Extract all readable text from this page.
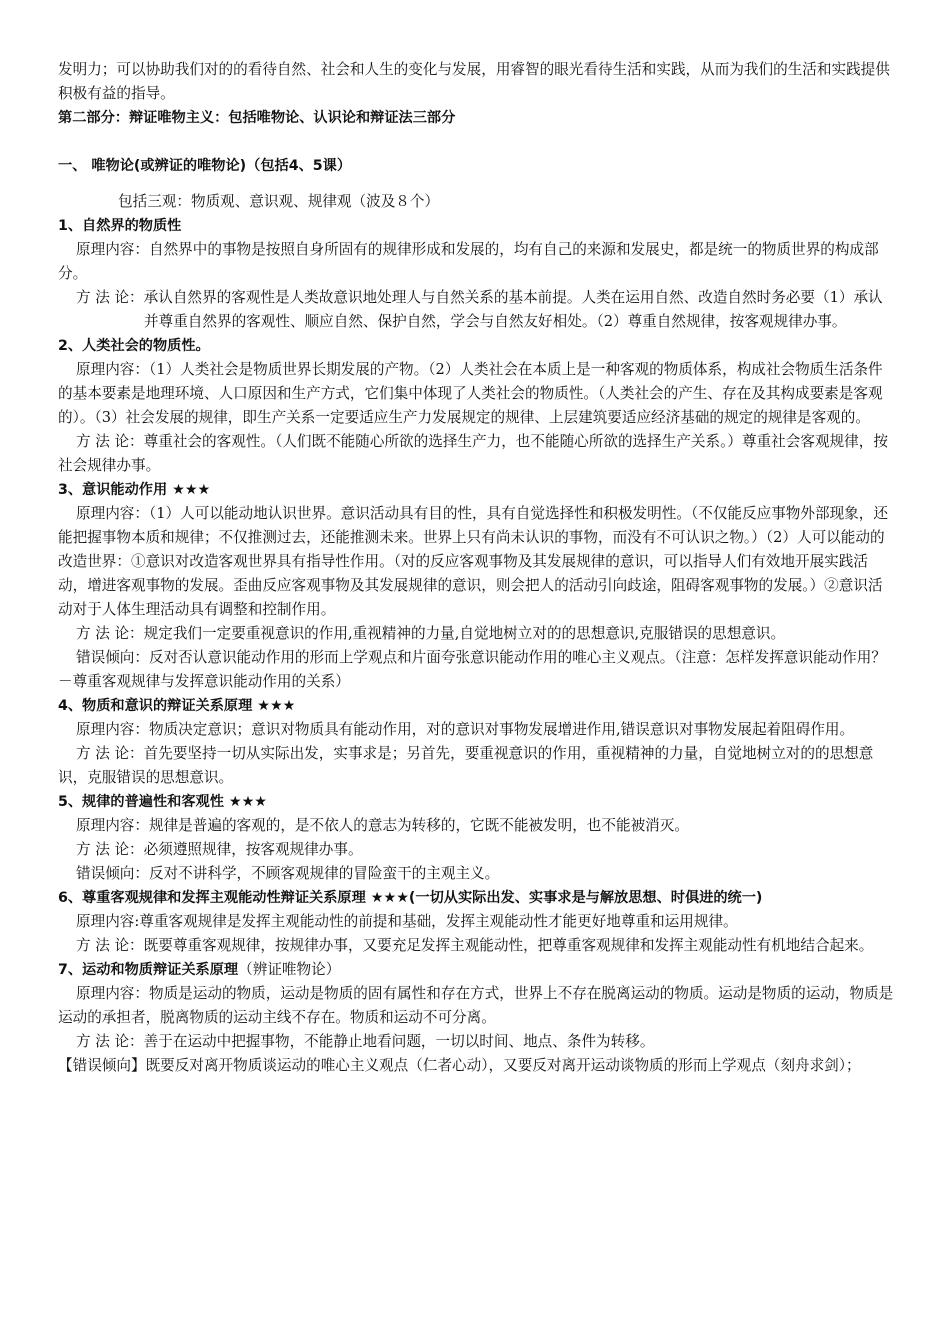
发明力；可以协助我们对的的看待自然、社会和人生的变化与发展，用睿智的眼光看待生活和实践，从而为我们的生活和实践提供积极有益的指导。

第二部分：辩证唯物主义：包括唯物论、认识论和辩证法三部分

一、 唯物论(或辨证的唯物论)（包括4、5课）

包括三观：物质观、意识观、规律观（波及８个）

1、自然界的物质性

原理内容：自然界中的事物是按照自身所固有的规律形成和发展的，均有自己的来源和发展史，都是统一的物质世界的构成部分。

方 法 论：承认自然界的客观性是人类故意识地处理人与自然关系的基本前提。人类在运用自然、改造自然时务必要（1）承认并尊重自然界的客观性、顺应自然、保护自然，学会与自然友好相处。（2）尊重自然规律，按客观规律办事。

2、人类社会的物质性。

原理内容：（1）人类社会是物质世界长期发展的产物。（2）人类社会在本质上是一种客观的物质体系，构成社会物质生活条件的基本要素是地理环境、人口原因和生产方式，它们集中体现了人类社会的物质性。（人类社会的产生、存在及其构成要素是客观的）。（3）社会发展的规律，即生产关系一定要适应生产力发展规定的规律、上层建筑要适应经济基础的规定的规律是客观的。

方 法 论：尊重社会的客观性。（人们既不能随心所欲的选择生产力，也不能随心所欲的选择生产关系。）尊重社会客观规律，按社会规律办事。

3、意识能动作用 ★★★

原理内容：（1）人可以能动地认识世界。意识活动具有目的性，具有自觉选择性和积极发明性。（不仅能反应事物外部现象，还能把握事物本质和规律；不仅推测过去，还能推测未来。世界上只有尚未认识的事物，而没有不可认识之物。）（2）人可以能动的改造世界：①意识对改造客观世界具有指导性作用。（对的反应客观事物及其发展规律的意识，可以指导人们有效地开展实践活动，增进客观事物的发展。歪曲反应客观事物及其发展规律的意识，则会把人的活动引向歧途，阻碍客观事物的发展。）②意识活动对于人体生理活动具有调整和控制作用。

方 法 论：规定我们一定要重视意识的作用,重视精神的力量,自觉地树立对的的思想意识,克服错误的思想意识。

错误倾向：反对否认意识能动作用的形而上学观点和片面夸张意识能动作用的唯心主义观点。（注意：怎样发挥意识能动作用？－尊重客观规律与发挥意识能动作用的关系）

4、物质和意识的辩证关系原理 ★★★

原理内容：物质决定意识；意识对物质具有能动作用，对的意识对事物发展增进作用,错误意识对事物发展起着阻碍作用。

方 法 论：首先要坚持一切从实际出发，实事求是；另首先，要重视意识的作用，重视精神的力量，自觉地树立对的的思想意识，克服错误的思想意识。

5、规律的普遍性和客观性 ★★★

原理内容：规律是普遍的客观的，是不依人的意志为转移的，它既不能被发明，也不能被消灭。

方 法 论：必须遵照规律，按客观规律办事。

错误倾向：反对不讲科学，不顾客观规律的冒险蛮干的主观主义。

6、尊重客观规律和发挥主观能动性辩证关系原理 ★★★(一切从实际出发、实事求是与解放思想、时俱进的统一)

原理内容:尊重客观规律是发挥主观能动性的前提和基础，发挥主观能动性才能更好地尊重和运用规律。

方 法 论：既要尊重客观规律，按规律办事，又要充足发挥主观能动性，把尊重客观规律和发挥主观能动性有机地结合起来。

7、运动和物质辩证关系原理（辨证唯物论）

原理内容：物质是运动的物质，运动是物质的固有属性和存在方式，世界上不存在脱离运动的物质。运动是物质的运动，物质是运动的承担者，脱离物质的运动主线不存在。物质和运动不可分离。

方 法 论：善于在运动中把握事物，不能静止地看问题，一切以时间、地点、条件为转移。

【错误倾向】既要反对离开物质谈运动的唯心主义观点（仁者心动），又要反对离开运动谈物质的形而上学观点（刻舟求剑）；
